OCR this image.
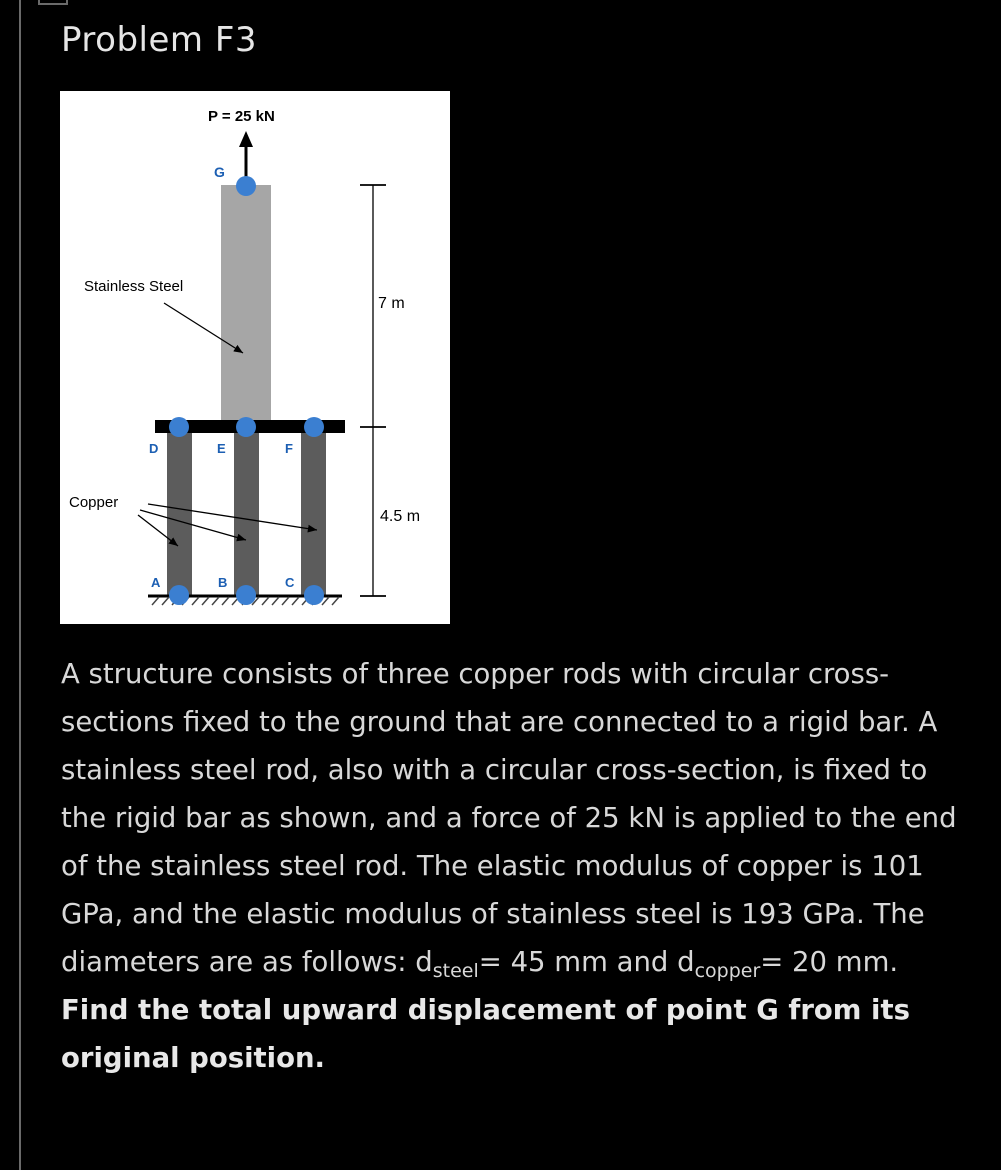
Problem F3
P = 25 kN
G
D	E	F
A	B	C
Stainless Steel
Copper
7 m
4.5 m

A structure consists of three copper rods with circular cross-sections fixed to the ground that are connected to a rigid bar. A stainless steel rod, also with a circular cross-section, is fixed to the rigid bar as shown, and a force of 25 kN is applied to the end of the stainless steel rod. The elastic modulus of copper is 101 GPa, and the elastic modulus of stainless steel is 193 GPa. The diameters are as follows: $d_{steel}= 45$ mm and $d_{copper}= 20$ mm. Find the total upward displacement of point G from its original position.
